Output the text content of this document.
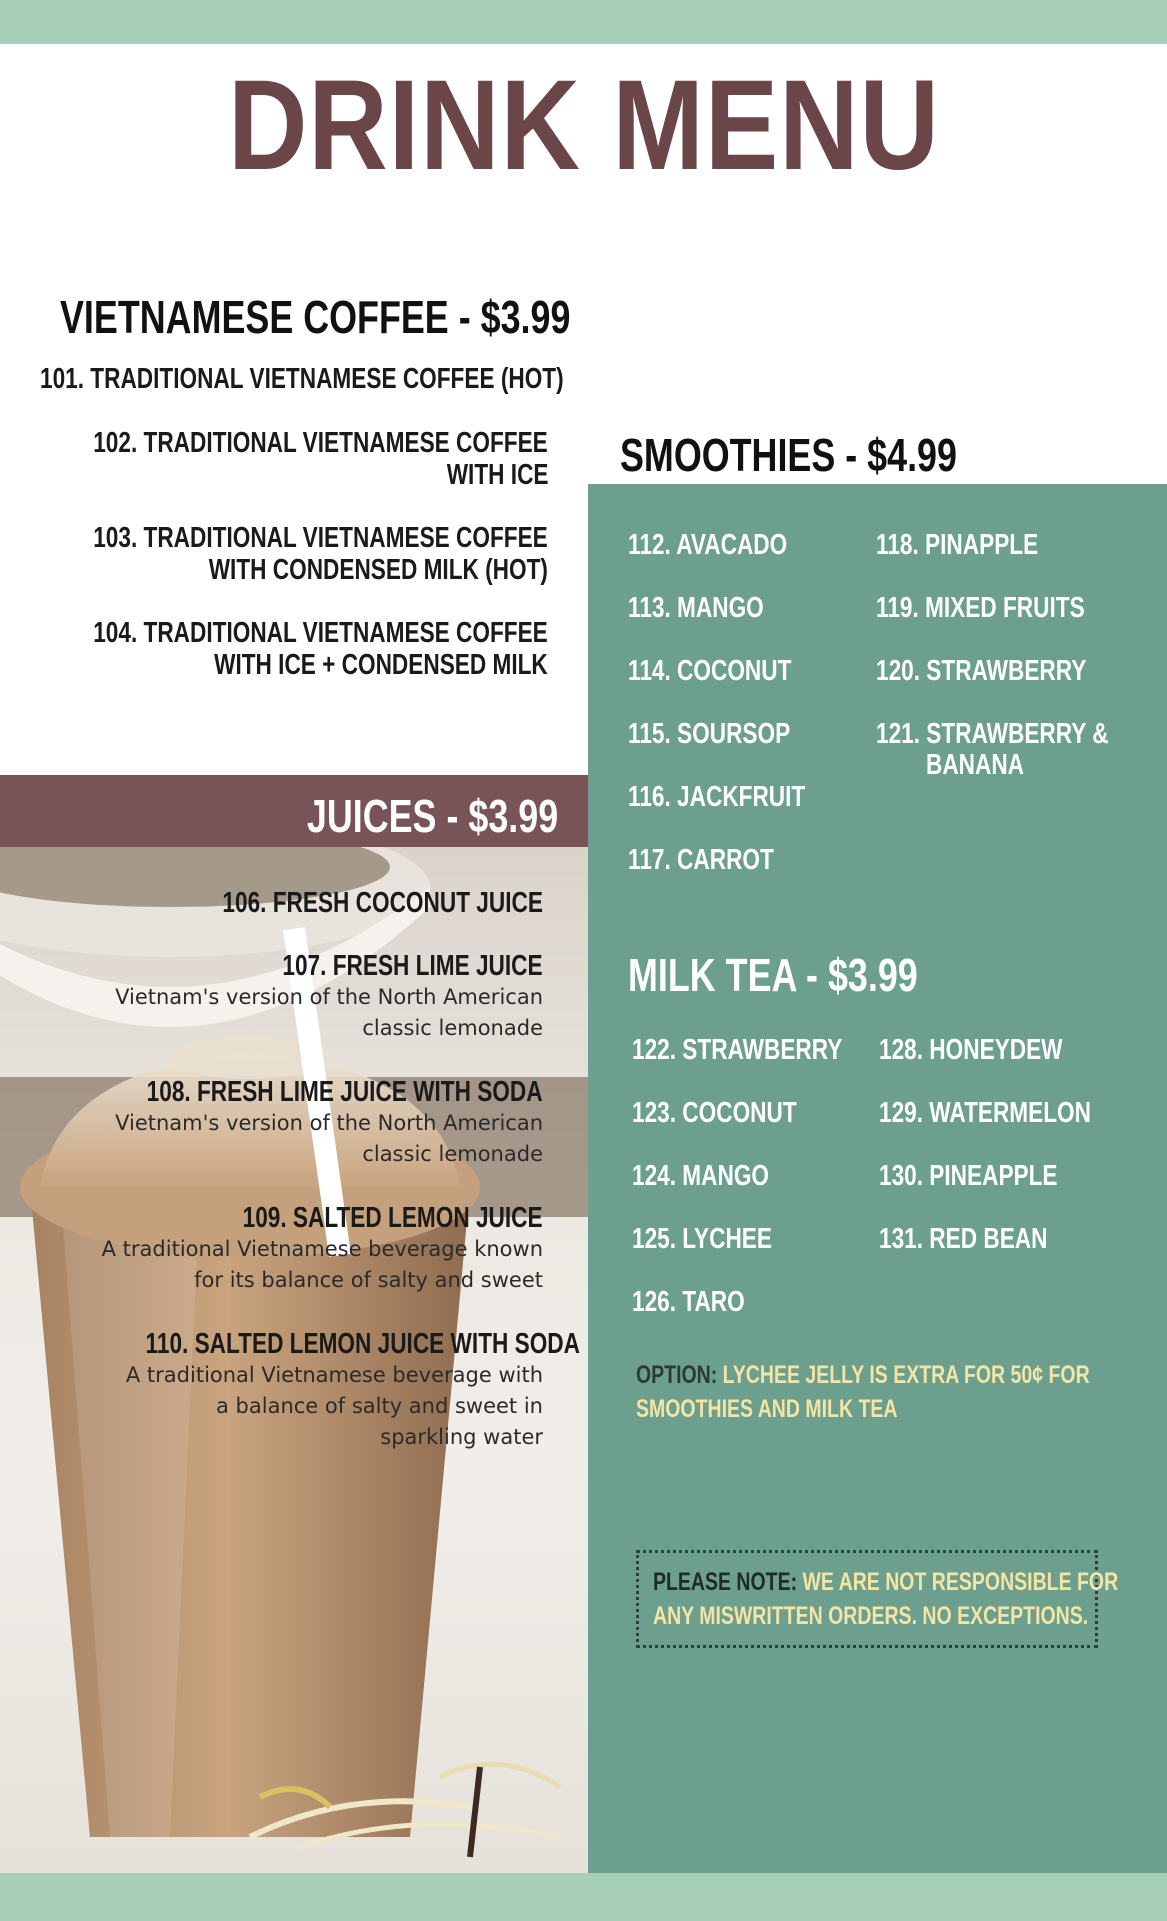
DRINK MENU
VIETNAMESE COFFEE - $3.99
101. TRADITIONAL VIETNAMESE COFFEE (HOT)
102. TRADITIONAL VIETNAMESE COFFEE
WITH ICE
103. TRADITIONAL VIETNAMESE COFFEE
WITH CONDENSED MILK (HOT)
104. TRADITIONAL VIETNAMESE COFFEE
WITH ICE + CONDENSED MILK
JUICES - $3.99
106. FRESH COCONUT JUICE
107. FRESH LIME JUICE
Vietnam's version of the North American
classic lemonade
108. FRESH LIME JUICE WITH SODA
Vietnam's version of the North American
classic lemonade
109. SALTED LEMON JUICE
A traditional Vietnamese beverage known
for its balance of salty and sweet
110. SALTED LEMON JUICE WITH SODA
A traditional Vietnamese beverage with
a balance of salty and sweet in
sparkling water
SMOOTHIES - $4.99
112. AVACADO
113. MANGO
114. COCONUT
115. SOURSOP
116. JACKFRUIT
117. CARROT
118. PINAPPLE
119. MIXED FRUITS
120. STRAWBERRY
121. STRAWBERRY &
BANANA
MILK TEA - $3.99
122. STRAWBERRY
123. COCONUT
124. MANGO
125. LYCHEE
126. TARO
128. HONEYDEW
129. WATERMELON
130. PINEAPPLE
131. RED BEAN
OPTION: LYCHEE JELLY IS EXTRA FOR 50¢ FOR
SMOOTHIES AND MILK TEA
PLEASE NOTE: WE ARE NOT RESPONSIBLE FOR
ANY MISWRITTEN ORDERS. NO EXCEPTIONS.
